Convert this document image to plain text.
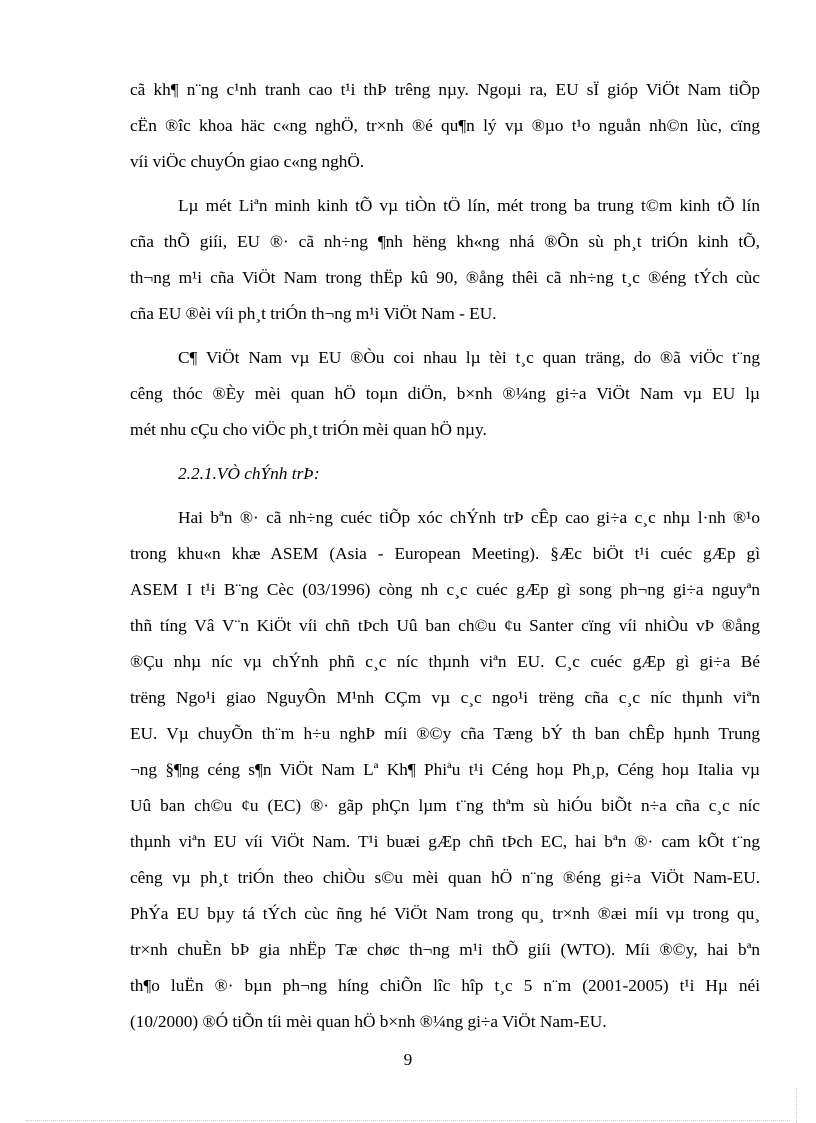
cã kh¶ n¨ng c¹nh tranh cao t¹i thÞ trêng nµy. Ngoµi ra, EU sÏ gióp ViÖt Nam tiÕp
cËn ®îc khoa häc c«ng nghÖ, tr×nh ®é qu¶n lý vµ ®µo t¹o nguån nh©n lùc, cïng
víi viÖc chuyÓn giao c«ng nghÖ.
Lµ mét Liªn minh kinh tÕ vµ tiÒn tÖ lín, mét trong ba trung t©m kinh tÕ lín
cña thÕ giíi, EU ®· cã nh÷ng ¶nh hëng kh«ng nhá ®Õn sù ph¸t triÓn kinh tÕ,
th¬ng m¹i cña ViÖt Nam trong thËp kû 90, ®ång thêi cã nh÷ng t¸c ®éng tÝch cùc
cña EU ®èi víi ph¸t triÓn th¬ng m¹i ViÖt Nam - EU.
C¶ ViÖt Nam vµ EU ®Òu coi nhau lµ tèi t¸c quan träng, do ®ã viÖc t¨ng
cêng thóc ®Èy mèi quan hÖ toµn diÖn, b×nh ®¼ng gi÷a ViÖt Nam vµ EU lµ
mét nhu cÇu cho viÖc ph¸t triÓn mèi quan hÖ nµy.
2.2.1.VÒ chÝnh trÞ:
Hai bªn ®· cã nh÷ng cuéc tiÕp xóc chÝnh trÞ cÊp cao gi÷a c¸c nhµ l·nh ®¹o
trong khu«n khæ ASEM (Asia - European Meeting). §Æc biÖt t¹i cuéc gÆp gì
ASEM I t¹i B¨ng Cèc (03/1996) còng nh c¸c cuéc gÆp gì song ph¬ng gi÷a nguyªn
thñ tíng Vâ V¨n KiÖt víi chñ tÞch Uû ban ch©u ¢u Santer cïng víi nhiÒu vÞ ®ång
®Çu nhµ níc vµ chÝnh phñ c¸c níc thµnh viªn EU. C¸c cuéc gÆp gì gi÷a Bé
trëng Ngo¹i giao NguyÔn M¹nh CÇm vµ c¸c ngo¹i trëng cña c¸c níc thµnh viªn
EU. Vµ chuyÕn th¨m h÷u nghÞ míi ®©y cña Tæng bÝ th ban chÊp hµnh Trung
¬ng §¶ng céng s¶n ViÖt Nam Lª Kh¶ Phiªu t¹i Céng hoµ Ph¸p, Céng hoµ Italia vµ
Uû ban ch©u ¢u (EC) ®· gãp phÇn lµm t¨ng thªm sù hiÓu biÕt n÷a cña c¸c níc
thµnh viªn EU víi ViÖt Nam. T¹i buæi gÆp chñ tÞch EC, hai bªn ®· cam kÕt t¨ng
cêng vµ ph¸t triÓn theo chiÒu s©u mèi quan hÖ n¨ng ®éng gi÷a ViÖt Nam-EU.
PhÝa EU bµy tá tÝch cùc ñng hé ViÖt Nam trong qu¸ tr×nh ®æi míi vµ trong qu¸
tr×nh chuÈn bÞ gia nhËp Tæ chøc th¬ng m¹i thÕ giíi (WTO). Míi ®©y, hai bªn
th¶o luËn ®· bµn ph¬ng híng chiÕn lîc hîp t¸c 5 n¨m (2001-2005) t¹i Hµ néi
(10/2000) ®Ó tiÕn tíi mèi quan hÖ b×nh ®¼ng gi÷a ViÖt Nam-EU.
9
